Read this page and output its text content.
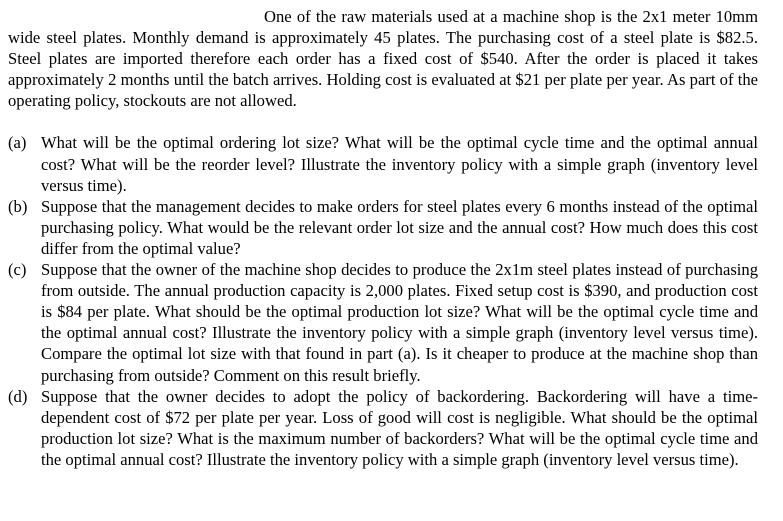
One of the raw materials used at a machine shop is the 2x1 meter 10mm wide steel plates. Monthly demand is approximately 45 plates. The purchasing cost of a steel plate is $82.5. Steel plates are imported therefore each order has a fixed cost of $540. After the order is placed it takes approximately 2 months until the batch arrives. Holding cost is evaluated at $21 per plate per year. As part of the operating policy, stockouts are not allowed.

(a) What will be the optimal ordering lot size? What will be the optimal cycle time and the optimal annual cost? What will be the reorder level? Illustrate the inventory policy with a simple graph (inventory level versus time).
(b) Suppose that the management decides to make orders for steel plates every 6 months instead of the optimal purchasing policy. What would be the relevant order lot size and the annual cost? How much does this cost differ from the optimal value?
(c) Suppose that the owner of the machine shop decides to produce the 2x1m steel plates instead of purchasing from outside. The annual production capacity is 2,000 plates. Fixed setup cost is $390, and production cost is $84 per plate. What should be the optimal production lot size? What will be the optimal cycle time and the optimal annual cost? Illustrate the inventory policy with a simple graph (inventory level versus time). Compare the optimal lot size with that found in part (a). Is it cheaper to produce at the machine shop than purchasing from outside? Comment on this result briefly.
(d) Suppose that the owner decides to adopt the policy of backordering. Backordering will have a time-dependent cost of $72 per plate per year. Loss of good will cost is negligible. What should be the optimal production lot size? What is the maximum number of backorders? What will be the optimal cycle time and the optimal annual cost? Illustrate the inventory policy with a simple graph (inventory level versus time).
